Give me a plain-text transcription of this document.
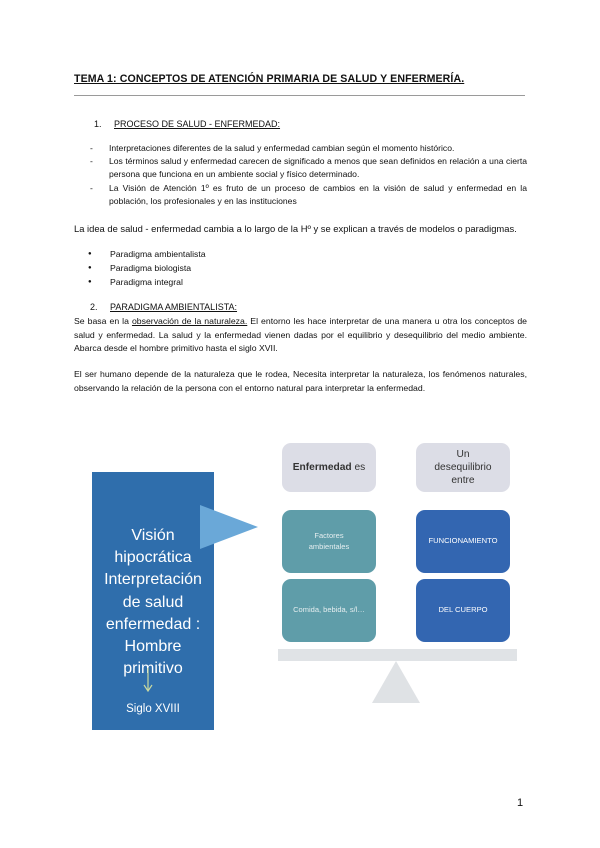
TEMA 1: CONCEPTOS DE ATENCIÓN PRIMARIA DE SALUD Y ENFERMERÍA.
1. PROCESO DE SALUD - ENFERMEDAD:
- Interpretaciones diferentes de la salud y enfermedad cambian según el momento histórico.
- Los términos salud y enfermedad carecen de significado a menos que sean definidos en relación a una cierta persona que funciona en un ambiente social y físico determinado.
- La Visión de Atención 1º es fruto de un proceso de cambios en la visión de salud y enfermedad en la población, los profesionales y en las instituciones
La idea de salud - enfermedad cambia a lo largo de la Hº y se explican a través de modelos o paradigmas.
● Paradigma ambientalista
● Paradigma biologista
● Paradigma integral
2. PARADIGMA AMBIENTALISTA:
Se basa en la observación de la naturaleza. El entorno les hace interpretar de una manera u otra los conceptos de salud y enfermedad. La salud y la enfermedad vienen dadas por el equilibrio y desequilibrio del medio ambiente. Abarca desde el hombre primitivo hasta el siglo XVII.
El ser humano depende de la naturaleza que le rodea, Necesita interpretar la naturaleza, los fenómenos naturales, observando la relación de la persona con el entorno natural para interpretar la enfermedad.
Visión
hipocrática
Interpretación
de salud
enfermedad :
Hombre
primitivo
Siglo XVIII
Enfermedad es
Un desequilibrio entre
Factores ambientales
Comida, bebida, s/l…
FUNCIONAMIENTO
DEL CUERPO
1
